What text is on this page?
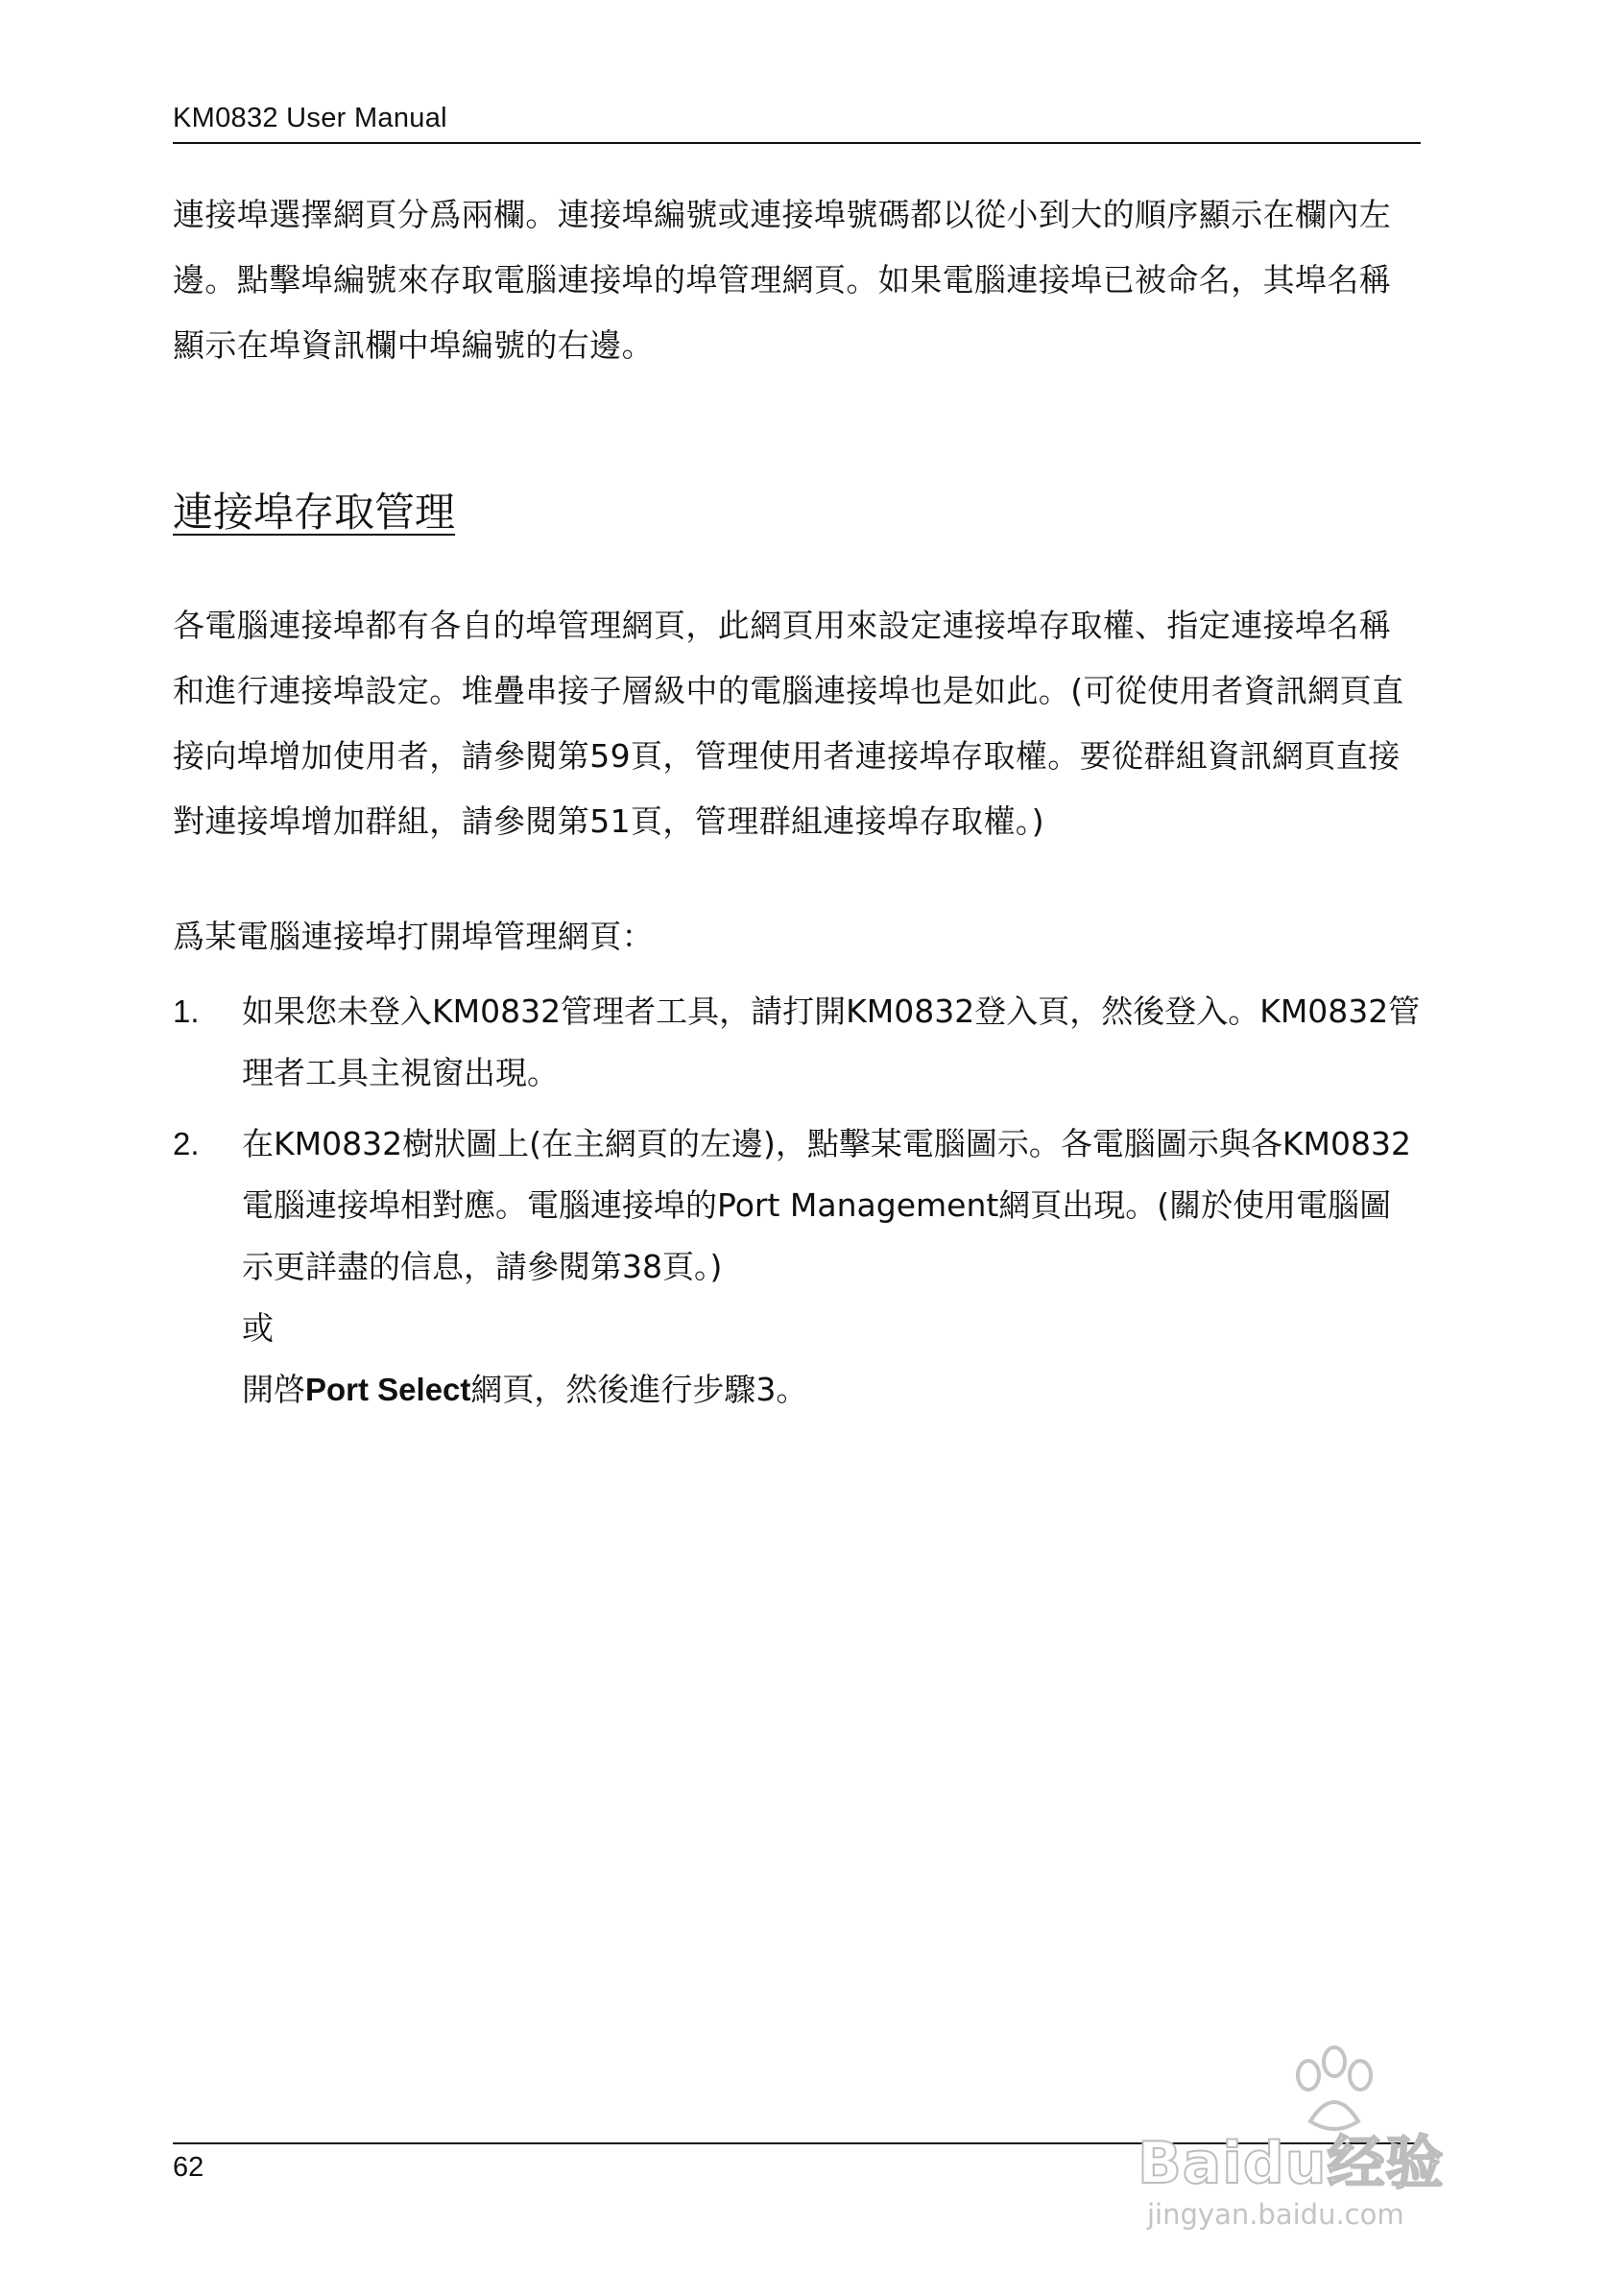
KM0832 User Manual

連接埠選擇網頁分爲兩欄。連接埠編號或連接埠號碼都以從小到大的順序顯示在欄內左邊。點擊埠編號來存取電腦連接埠的埠管理網頁。如果電腦連接埠已被命名，其埠名稱顯示在埠資訊欄中埠編號的右邊。

連接埠存取管理

各電腦連接埠都有各自的埠管理網頁，此網頁用來設定連接埠存取權、指定連接埠名稱和進行連接埠設定。堆疊串接子層級中的電腦連接埠也是如此。(可從使用者資訊網頁直接向埠增加使用者，請參閱第59頁，管理使用者連接埠存取權。要從群組資訊網頁直接對連接埠增加群組，請參閱第51頁，管理群組連接埠存取權。)

爲某電腦連接埠打開埠管理網頁：

1. 如果您未登入KM0832管理者工具，請打開KM0832登入頁，然後登入。KM0832管理者工具主視窗出現。
2. 在KM0832樹狀圖上(在主網頁的左邊)，點擊某電腦圖示。各電腦圖示與各KM0832電腦連接埠相對應。電腦連接埠的Port Management網頁出現。(關於使用電腦圖示更詳盡的信息，請參閱第38頁。)
或
開啓Port Select網頁，然後進行步驟3。
62	Baidu经验
jingyan.baidu.com
